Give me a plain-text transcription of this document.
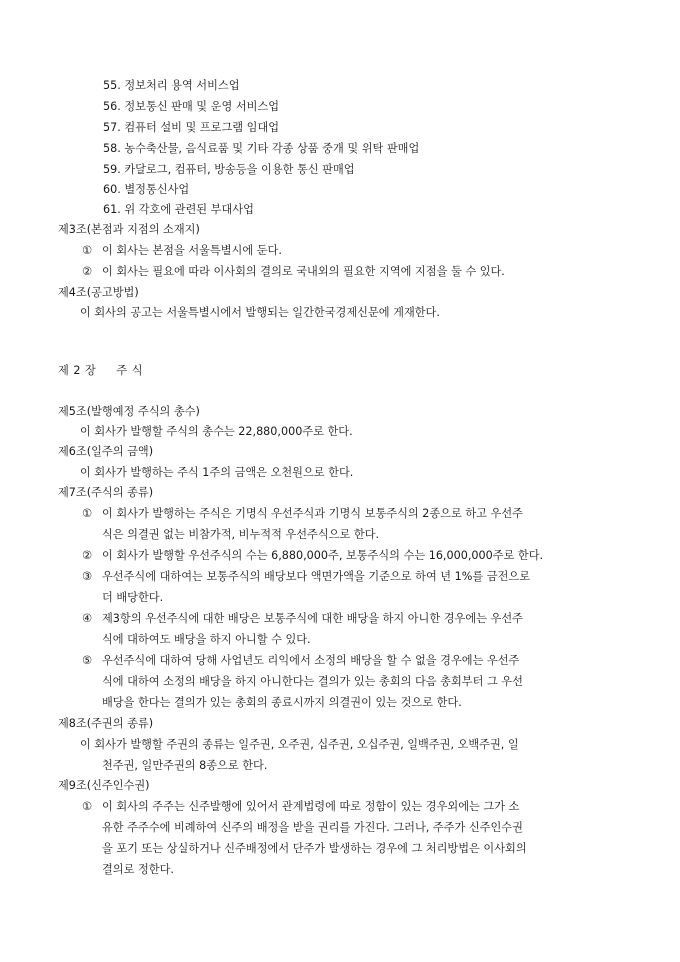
55. 정보처리 용역 서비스업
56. 정보통신 판매 및 운영 서비스업
57. 컴퓨터 설비 및 프로그램 임대업
58. 농수축산물, 음식료품 및 기타 각종 상품 중개 및 위탁 판매업
59. 카달로그, 컴퓨터, 방송등을 이용한 통신 판매업
60. 별정통신사업
61. 위 각호에 관련된 부대사업
제3조(본점과 지점의 소재지)
① 이 회사는 본점을 서울특별시에 둔다.
② 이 회사는 필요에 따라 이사회의 결의로 국내외의 필요한 지역에 지점을 둘 수 있다.
제4조(공고방법)
이 회사의 공고는 서울특별시에서 발행되는 일간한국경제신문에 게재한다.
제 2 장 주 식
제5조(발행예정 주식의 총수)
이 회사가 발행할 주식의 총수는 22,880,000주로 한다.
제6조(일주의 금액)
이 회사가 발행하는 주식 1주의 금액은 오천원으로 한다.
제7조(주식의 종류)
① 이 회사가 발행하는 주식은 기명식 우선주식과 기명식 보통주식의 2종으로 하고 우선주
식은 의결권 없는 비참가적, 비누적적 우선주식으로 한다.
② 이 회사가 발행할 우선주식의 수는 6,880,000주, 보통주식의 수는 16,000,000주로 한다.
③ 우선주식에 대하여는 보통주식의 배당보다 액면가액을 기준으로 하여 년 1%를 금전으로
더 배당한다.
④ 제3항의 우선주식에 대한 배당은 보통주식에 대한 배당을 하지 아니한 경우에는 우선주
식에 대하여도 배당을 하지 아니할 수 있다.
⑤ 우선주식에 대하여 당해 사업년도 리익에서 소정의 배당을 할 수 없을 경우에는 우선주
식에 대하여 소정의 배당을 하지 아니한다는 결의가 있는 총회의 다음 총회부터 그 우선
배당을 한다는 결의가 있는 총회의 종료시까지 의결권이 있는 것으로 한다.
제8조(주권의 종류)
이 회사가 발행할 주권의 종류는 일주권, 오주권, 십주권, 오십주권, 일백주권, 오백주권, 일
천주권, 일만주권의 8종으로 한다.
제9조(신주인수권)
① 이 회사의 주주는 신주발행에 있어서 관계법령에 따로 정함이 있는 경우외에는 그가 소
유한 주주수에 비례하여 신주의 배정을 받을 권리를 가진다. 그러나, 주주가 신주인수권
을 포기 또는 상실하거나 신주배정에서 단주가 발생하는 경우에 그 처리방법은 이사회의
결의로 정한다.
